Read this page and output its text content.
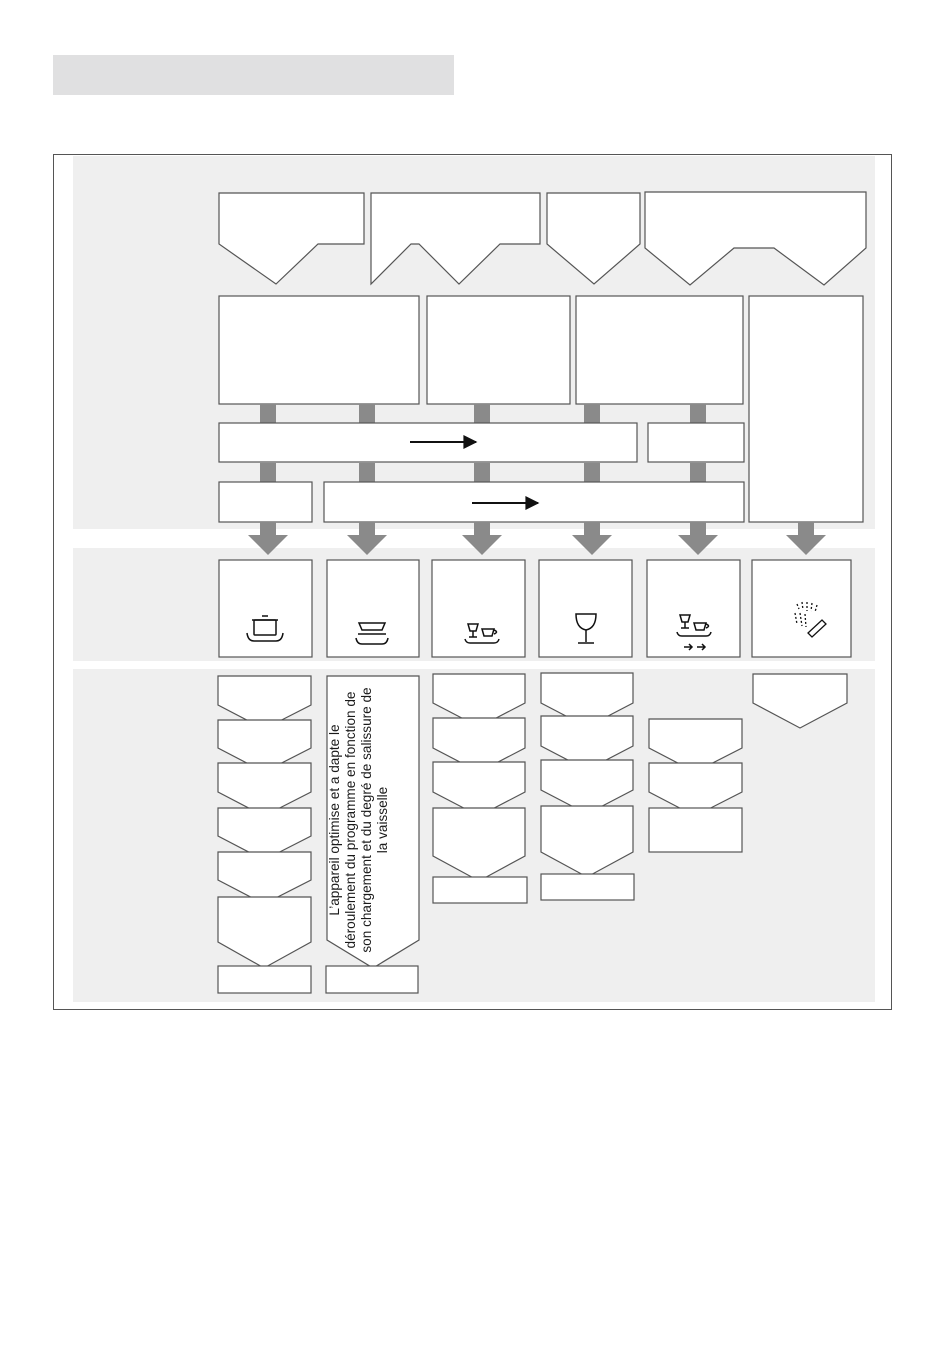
L’appareil optimise et a dapte le déroulement du programme en fonction de son chargement et du degré de salissure de la vaisselle
